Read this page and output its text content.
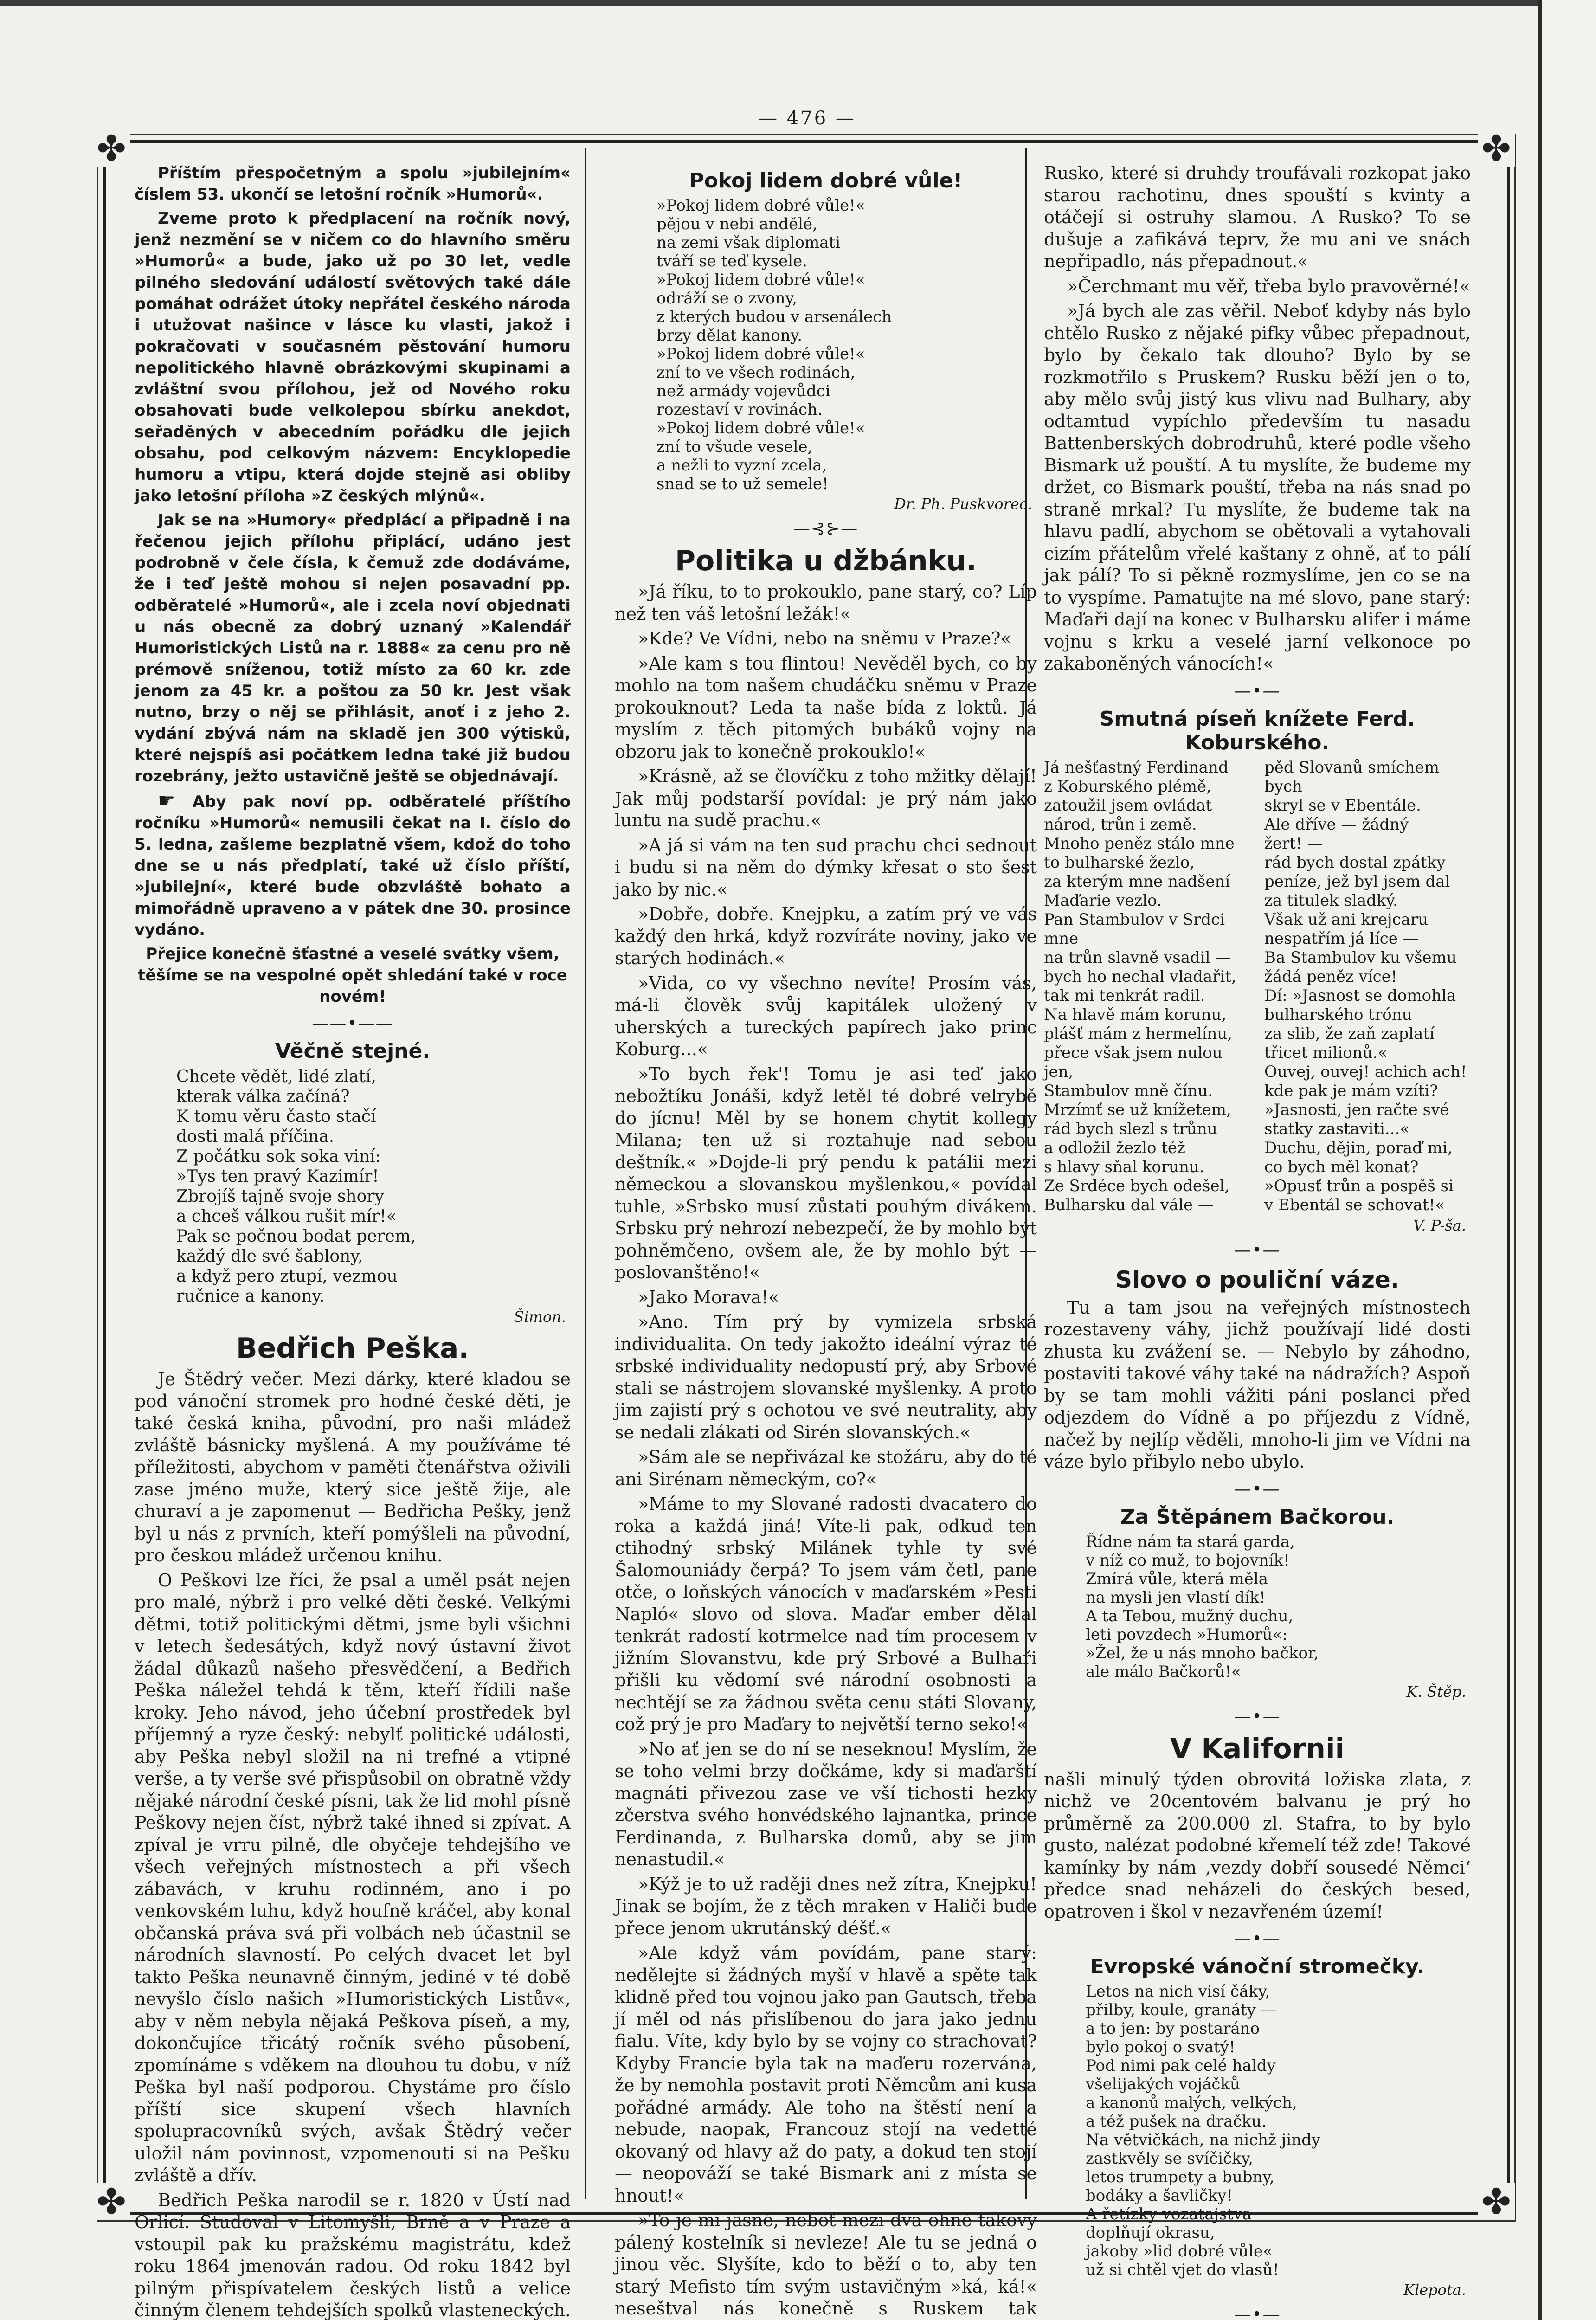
— 476 —
✤	✤
✤	✤
Příštím přespočetným a spolu »jubilejním« číslem 53. ukončí se letošní ročník »Humorů«.
Zveme proto k předplacení na ročník nový, jenž nezmění se v ničem co do hlavního směru »Humorů« a bude, jako už po 30 let, vedle pilného sledování událostí světových také dále pomáhat odrážet útoky nepřátel českého národa i utužovat našince v lásce ku vlasti, jakož i pokračovati v současném pěstování humoru nepolitického hlavně obrázkovými skupinami a zvláštní svou přílohou, jež od Nového roku obsahovati bude velkolepou sbírku anekdot, seřaděných v abecedním pořádku dle jejich obsahu, pod celkovým názvem: Encyklopedie humoru a vtipu, která dojde stejně asi obliby jako letošní příloha »Z českých mlýnů«.
Jak se na »Humory« předplácí a připadně i na řečenou jejich přílohu připlácí, udáno jest podrobně v čele čísla, k čemuž zde dodáváme, že i teď ještě mohou si nejen posavadní pp. odběratelé »Humorů«, ale i zcela noví objednati u nás obecně za dobrý uznaný »Kalendář Humoristických Listů na r. 1888« za cenu pro ně prémově sníženou, totiž místo za 60 kr. zde jenom za 45 kr. a poštou za 50 kr. Jest však nutno, brzy o něj se přihlásit, anoť i z jeho 2. vydání zbývá nám na skladě jen 300 výtisků, které nejspíš asi počátkem ledna také již budou rozebrány, ježto ustavičně ještě se objednávají.
☛ Aby pak noví pp. odběratelé příštího ročníku »Humorů« nemusili čekat na I. číslo do 5. ledna, zašleme bezplatně všem, kdož do toho dne se u nás předplatí, také už číslo příští, »jubilejní«, které bude obzvláště bohato a mimořádně upraveno a v pátek dne 30. prosince vydáno.
Přejice konečně šťastné a veselé svátky všem, těšíme se na vespolné opět shledání také v roce novém!
——•——
Věčně stejné.
Chcete vědět, lidé zlatí,
kterak válka začíná?
K tomu věru často stačí
dosti malá příčina.
Z počátku sok soka viní:
»Tys ten pravý Kazimír!
Zbrojíš tajně svoje shory
a chceš válkou rušit mír!«
Pak se počnou bodat perem,
každý dle své šablony,
a když pero ztupí, vezmou
ručnice a kanony.
Šimon.
Bedřich Peška.

Je Štědrý večer. Mezi dárky, které kladou se pod vánoční stromek pro hodné české děti, je také česká kniha, původní, pro naši mládež zvláště básnicky myšlená. A my používáme té příležitosti, abychom v paměti čtenářstva oživili zase jméno muže, který sice ještě žije, ale churaví a je zapomenut — Bedřicha Pešky, jenž byl u nás z prvních, kteří pomýšleli na původní, pro českou mládež určenou knihu.

O Peškovi lze říci, že psal a uměl psát nejen pro malé, nýbrž i pro velké děti české. Velkými dětmi, totiž politickými dětmi, jsme byli všichni v letech šedesátých, když nový ústavní život žádal důkazů našeho přesvědčení, a Bedřich Peška náležel tehdá k těm, kteří řídili naše kroky. Jeho návod, jeho účební prostředek byl příjemný a ryze český: nebylť politické události, aby Peška nebyl složil na ni trefné a vtipné verše, a ty verše své přispůsobil on obratně vždy nějaké národní české písni, tak že lid mohl písně Peškovy nejen číst, nýbrž také ihned si zpívat. A zpíval je vrru pilně, dle obyčeje tehdejšího ve všech veřejných místnostech a při všech zábavách, v kruhu rodinném, ano i po venkovském luhu, když houfně kráčel, aby konal občanská práva svá při volbách neb účastnil se národních slavností. Po celých dvacet let byl takto Peška neunavně činným, jediné v té době nevyšlo číslo našich »Humoristických Listův«, aby v něm nebyla nějaká Peškova píseň, a my, dokončujíce třicátý ročník svého působení, zpomínáme s vděkem na dlouhou tu dobu, v níž Peška byl naší podporou. Chystáme pro číslo příští sice skupení všech hlavních spolupracovníků svých, avšak Štědrý večer uložil nám povinnost, vzpomenouti si na Pešku zvláště a dřív.

Bedřich Peška narodil se r. 1820 v Ústí nad Orlicí. Studoval v Litomyšli, Brně a v Praze a vstoupil pak ku pražskému magistrátu, kdež roku 1864 jmenován radou. Od roku 1842 byl pilným přispívatelem českých listů a velice činným členem tehdejších spolků vlasteneckých.

Pokoj lidem dobré vůle!
»Pokoj lidem dobré vůle!«
pějou v nebi andělé,
na zemi však diplomati
tváří se teď kysele.
»Pokoj lidem dobré vůle!«
odráží se o zvony,
z kterých budou v arsenálech
brzy dělat kanony.
»Pokoj lidem dobré vůle!«
zní to ve všech rodinách,
než armády vojevůdci
rozestaví v rovinách.
»Pokoj lidem dobré vůle!«
zní to všude vesele,
a nežli to vyzní zcela,
snad se to už semele!
Dr. Ph. Puskvorec.
—⊰⊱—
Politika u džbánku.

»Já říku, to to prokouklo, pane starý, co? Líp než ten váš letošní ležák!«

»Kde? Ve Vídni, nebo na sněmu v Praze?«

»Ale kam s tou flintou! Nevěděl bych, co by mohlo na tom našem chudáčku sněmu v Praze prokouknout? Leda ta naše bída z loktů. Já myslím z těch pitomých bubáků vojny na obzoru jak to konečně prokouklo!«

»Krásně, až se človíčku z toho mžitky dělají! Jak můj podstarší povídal: je prý nám jako luntu na sudě prachu.«

»A já si vám na ten sud prachu chci sednout i budu si na něm do dýmky křesat o sto šest jako by nic.«

»Dobře, dobře. Knejpku, a zatím prý ve vás každý den hrká, když rozvíráte noviny, jako ve starých hodinách.«

»Vida, co vy všechno nevíte! Prosím vás, má-li člověk svůj kapitálek uložený v uherských a tureckých papírech jako princ Koburg...«

»To bych řek'! Tomu je asi teď jako nebožtíku Jonáši, když letěl té dobré velrybě do jícnu! Měl by se honem chytit kollegy Milana; ten už si roztahuje nad sebou deštník.« »Dojde-li prý pendu k patálii mezi německou a slovanskou myšlenkou,« povídal tuhle, »Srbsko musí zůstati pouhým divákem. Srbsku prý nehrozí nebezpečí, že by mohlo být pohněmčeno, ovšem ale, že by mohlo být — poslovanštěno!«

»Jako Morava!«

»Ano. Tím prý by vymizela srbská individualita. On tedy jakožto ideální výraz té srbské individuality nedopustí prý, aby Srbové stali se nástrojem slovanské myšlenky. A proto jim zajistí prý s ochotou ve své neutrality, aby se nedali zlákati od Sirén slovanských.«

»Sám ale se nepřivázal ke stožáru, aby do té ani Sirénam německým, co?«

»Máme to my Slované radosti dvacatero do roka a každá jiná! Víte-li pak, odkud ten ctihodný srbský Milánek tyhle ty své Šalomouniády čerpá? To jsem vám četl, pane otče, o loňských vánocích v maďarském »Pesti Napló« slovo od slova. Maďar ember dělal tenkrát radostí kotrmelce nad tím procesem v jižním Slovanstvu, kde prý Srbové a Bulhaři přišli ku vědomí své národní osobnosti a nechtějí se za žádnou světa cenu státi Slovany, což prý je pro Maďary to největší terno seko!«

»No ať jen se do ní se neseknou! Myslím, že se toho velmi brzy dočkáme, kdy si maďarští magnáti přivezou zase ve vší tichosti hezky zčerstva svého honvédského lajnantka, prince Ferdinanda, z Bulharska domů, aby se jim nenastudil.«

»Kýž je to už raději dnes než zítra, Knejpku! Jinak se bojím, že z těch mraken v Haliči bude přece jenom ukrutánský déšť.«

»Ale když vám povídám, pane starý: nedělejte si žádných myší v hlavě a spěte tak klidně před tou vojnou jako pan Gautsch, třeba jí měl od nás přislíbenou do jara jako jednu fialu. Víte, kdy bylo by se vojny co strachovat? Kdyby Francie byla tak na maďeru rozervána, že by nemohla postavit proti Němcům ani kusa pořádné armády. Ale toho na štěstí není a nebude, naopak, Francouz stojí na vedetté okovaný od hlavy až do paty, a dokud ten stojí — neopováží se také Bismark ani z místa se hnout!«

»To je mi jasné, neboť mezi dva ohně takový pálený kostelník si nevleze! Ale tu se jedná o jinou věc. Slyšíte, kdo to běží o to, aby ten starý Mefisto tím svým ustavičným »ká, ká!« neseštval nás konečně s Ruskem tak

Rusko, které si druhdy troufávali rozkopat jako starou rachotinu, dnes spouští s kvinty a otáčejí si ostruhy slamou. A Rusko? To se dušuje a zafikává teprv, že mu ani ve snách nepřipadlo, nás přepadnout.«

»Čerchmant mu věř, třeba bylo pravověrné!«

»Já bych ale zas věřil. Neboť kdyby nás bylo chtělo Rusko z nějaké pifky vůbec přepadnout, bylo by čekalo tak dlouho? Bylo by se rozkmotřilo s Pruskem? Rusku běží jen o to, aby mělo svůj jistý kus vlivu nad Bulhary, aby odtamtud vypíchlo především tu nasadu Battenberských dobrodruhů, které podle všeho Bismark už pouští. A tu myslíte, že budeme my držet, co Bismark pouští, třeba na nás snad po straně mrkal? Tu myslíte, že budeme tak na hlavu padlí, abychom se obětovali a vytahovali cizím přátelům vřelé kaštany z ohně, ať to pálí jak pálí? To si pěkně rozmyslíme, jen co se na to vyspíme. Pamatujte na mé slovo, pane starý: Maďaři dají na konec v Bulharsku alifer i máme vojnu s krku a veselé jarní velkonoce po zakaboněných vánocích!«

—•—
Smutná píseň knížete Ferd. Koburského.
Já nešťastný Ferdinand
z Koburského plémě,
zatoužil jsem ovládat
národ, trůn i země.
Mnoho peněz stálo mne
to bulharské žezlo,
za kterým mne nadšení
Maďarie vezlo.
Pan Stambulov v Srdci
mne
na trůn slavně vsadil —
bych ho nechal vladařit,
tak mi tenkrát radil.
Na hlavě mám korunu,
plášť mám z hermelínu,
přece však jsem nulou jen,
Stambulov mně čínu.
Mrzímť se už knížetem,
rád bych slezl s trůnu
a odložil žezlo též
s hlavy sňal korunu.
Ze Srdéce bych odešel,
Bulharsku dal vále —
pěd Slovanů smíchem
bych
skryl se v Ebentále.
Ale dříve — žádný
žert! —
rád bych dostal zpátky
peníze, jež byl jsem dal
za titulek sladký.
Však už ani krejcaru
nespatřím já líce —
Ba Stambulov ku všemu
žádá peněz více!
Dí: »Jasnost se domohla
bulharského trónu
za slib, že zaň zaplatí
třicet milionů.«
Ouvej, ouvej! achich ach!
kde pak je mám vzíti?
»Jasnosti, jen račte své
statky zastaviti...«
Duchu, dějin, poraď mi,
co bych měl konat?
»Opusť trůn a pospěš si
v Ebentál se schovat!«
V. P-ša.
—•—
Slovo o pouliční váze.

Tu a tam jsou na veřejných místnostech rozestaveny váhy, jichž používají lidé dosti zhusta ku zvážení se. — Nebylo by záhodno, postaviti takové váhy také na nádražích? Aspoň by se tam mohli vážiti páni poslanci před odjezdem do Vídně a po příjezdu z Vídně, načež by nejlíp věděli, mnoho-li jim ve Vídni na váze bylo přibylo nebo ubylo.

—•—
Za Štěpánem Bačkorou.
Řídne nám ta stará garda,
v níž co muž, to bojovník!
Zmírá vůle, která měla
na mysli jen vlastí dík!
A ta Tebou, mužný duchu,
leti povzdech »Humorů«:
»Žel, že u nás mnoho bačkor,
ale málo Bačkorů!«
K. Štěp.
—•—
V Kalifornii

našli minulý týden obrovitá ložiska zlata, z nichž ve 20centovém balvanu je prý ho průměrně za 200.000 zl. Stafra, to by bylo gusto, nalézat podobné křemelí též zde! Takové kamínky by nám ‚vezdy dobří sousedé Němci‘ předce snad neházeli do českých besed, opatroven i škol v nezavřeném území!

—•—
Evropské vánoční stromečky.
Letos na nich visí čáky,
přilby, koule, granáty —
a to jen: by postaráno
bylo pokoj o svatý!
Pod nimi pak celé haldy
všelijakých vojáčků
a kanonů malých, velkých,
a též pušek na dračku.
Na větvičkách, na nichž jindy
zastkvěly se svíčičky,
letos trumpety a bubny,
bodáky a šavličky!
A řetízky vozatajstva
doplňují okrasu,
jakoby »lid dobré vůle«
už si chtěl vjet do vlasů!
Klepota.
—•—
